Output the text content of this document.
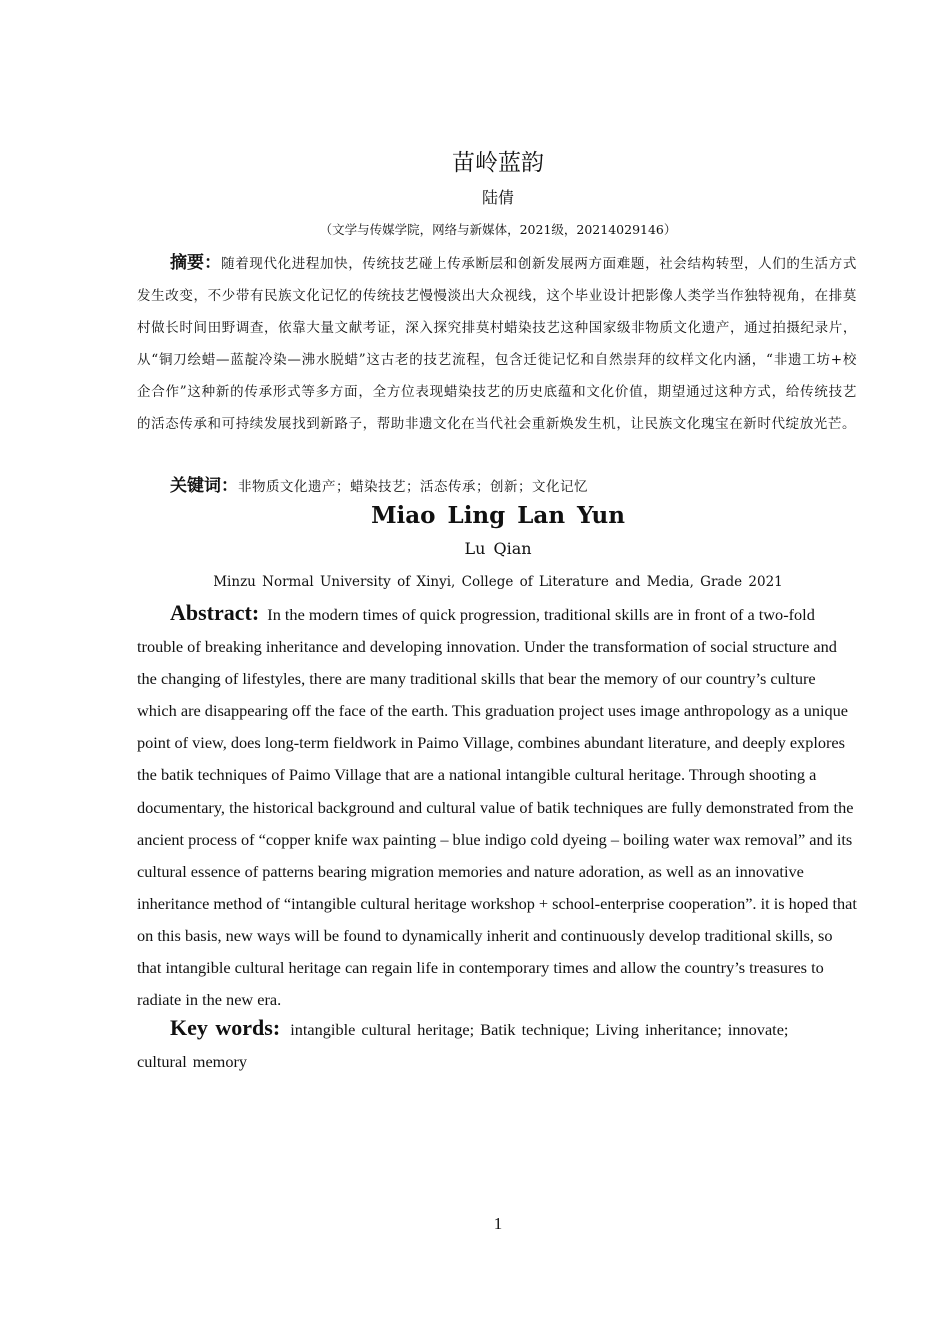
苗岭蓝韵
陆倩
（文学与传媒学院，网络与新媒体，2021级，20214029146）

摘要：随着现代化进程加快，传统技艺碰上传承断层和创新发展两方面难题，社会结构转型，人们的生活方式发生改变，不少带有民族文化记忆的传统技艺慢慢淡出大众视线，这个毕业设计把影像人类学当作独特视角，在排莫村做长时间田野调查，依靠大量文献考证，深入探究排莫村蜡染技艺这种国家级非物质文化遗产，通过拍摄纪录片，从“铜刀绘蜡—蓝靛冷染—沸水脱蜡”这古老的技艺流程，包含迁徙记忆和自然崇拜的纹样文化内涵，“非遗工坊+校企合作”这种新的传承形式等多方面，全方位表现蜡染技艺的历史底蕴和文化价值，期望通过这种方式，给传统技艺的活态传承和可持续发展找到新路子，帮助非遗文化在当代社会重新焕发生机，让民族文化瑰宝在新时代绽放光芒。

关键词：非物质文化遗产；蜡染技艺；活态传承；创新；文化记忆

Miao Ling Lan Yun
Lu Qian
Minzu Normal University of Xinyi, College of Literature and Media, Grade 2021

Abstract: In the modern times of quick progression, traditional skills are in front of a two-fold trouble of breaking inheritance and developing innovation. Under the transformation of social structure and the changing of lifestyles, there are many traditional skills that bear the memory of our country’s culture which are disappearing off the face of the earth. This graduation project uses image anthropology as a unique point of view, does long-term fieldwork in Paimo Village, combines abundant literature, and deeply explores the batik techniques of Paimo Village that are a national intangible cultural heritage. Through shooting a documentary, the historical background and cultural value of batik techniques are fully demonstrated from the ancient process of “copper knife wax painting – blue indigo cold dyeing – boiling water wax removal” and its cultural essence of patterns bearing migration memories and nature adoration, as well as an innovative inheritance method of “intangible cultural heritage workshop + school-enterprise cooperation”. it is hoped that on this basis, new ways will be found to dynamically inherit and continuously develop traditional skills, so that intangible cultural heritage can regain life in contemporary times and allow the country’s treasures to radiate in the new era.

Key words: intangible cultural heritage; Batik technique; Living inheritance; innovate; cultural memory

1
